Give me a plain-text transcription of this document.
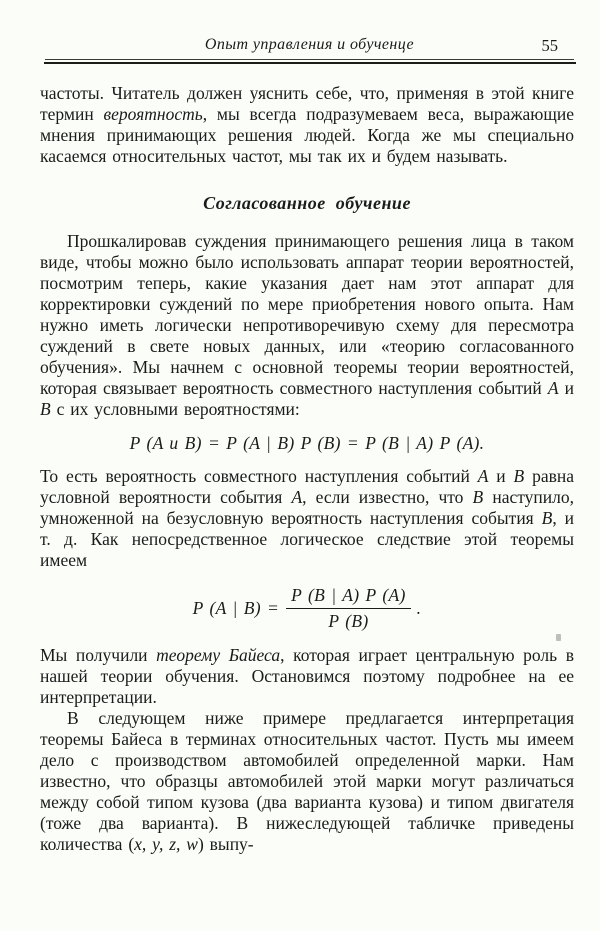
Опыт управления и обученце	55

частоты. Читатель должен уяснить себе, что, применяя в этой книге термин вероятность, мы всегда подразумеваем веса, выражающие мнения принимающих решения людей. Когда же мы специально касаемся относительных частот, мы так их и будем называть.

Согласованное обучение

Прошкалировав суждения принимающего решения лица в таком виде, чтобы можно было использовать аппарат теории вероятностей, посмотрим теперь, какие указания дает нам этот аппарат для корректировки суждений по мере приобретения нового опыта. Нам нужно иметь логически непротиворечивую схему для пересмотра суждений в свете новых данных, или «теорию согласованного обучения». Мы начнем с основной теоремы теории вероятностей, которая связывает вероятность совместного наступления событий A и B с их условными вероятностями:

P (A и B) = P (A | B) P (B) = P (B | A) P (A).

То есть вероятность совместного наступления событий A и B равна условной вероятности события A, если известно, что B наступило, умноженной на безусловную вероятность наступления события B, и т. д. Как непосредственное логическое следствие этой теоремы имеем

P (A | $B) = \frac{P (B | A) P (A)}{P (B)}$ .

Мы получили теорему Байеса, которая играет центральную роль в нашей теории обучения. Остановимся поэтому подробнее на ее интерпретации.

В следующем ниже примере предлагается интерпретация теоремы Байеса в терминах относительных частот. Пусть мы имеем дело с производством автомобилей определенной марки. Нам известно, что образцы автомобилей этой марки могут различаться между собой типом кузова (два варианта кузова) и типом двигателя (тоже два варианта). В нижеследующей табличке приведены количества (x, y, z, w) выпу-
